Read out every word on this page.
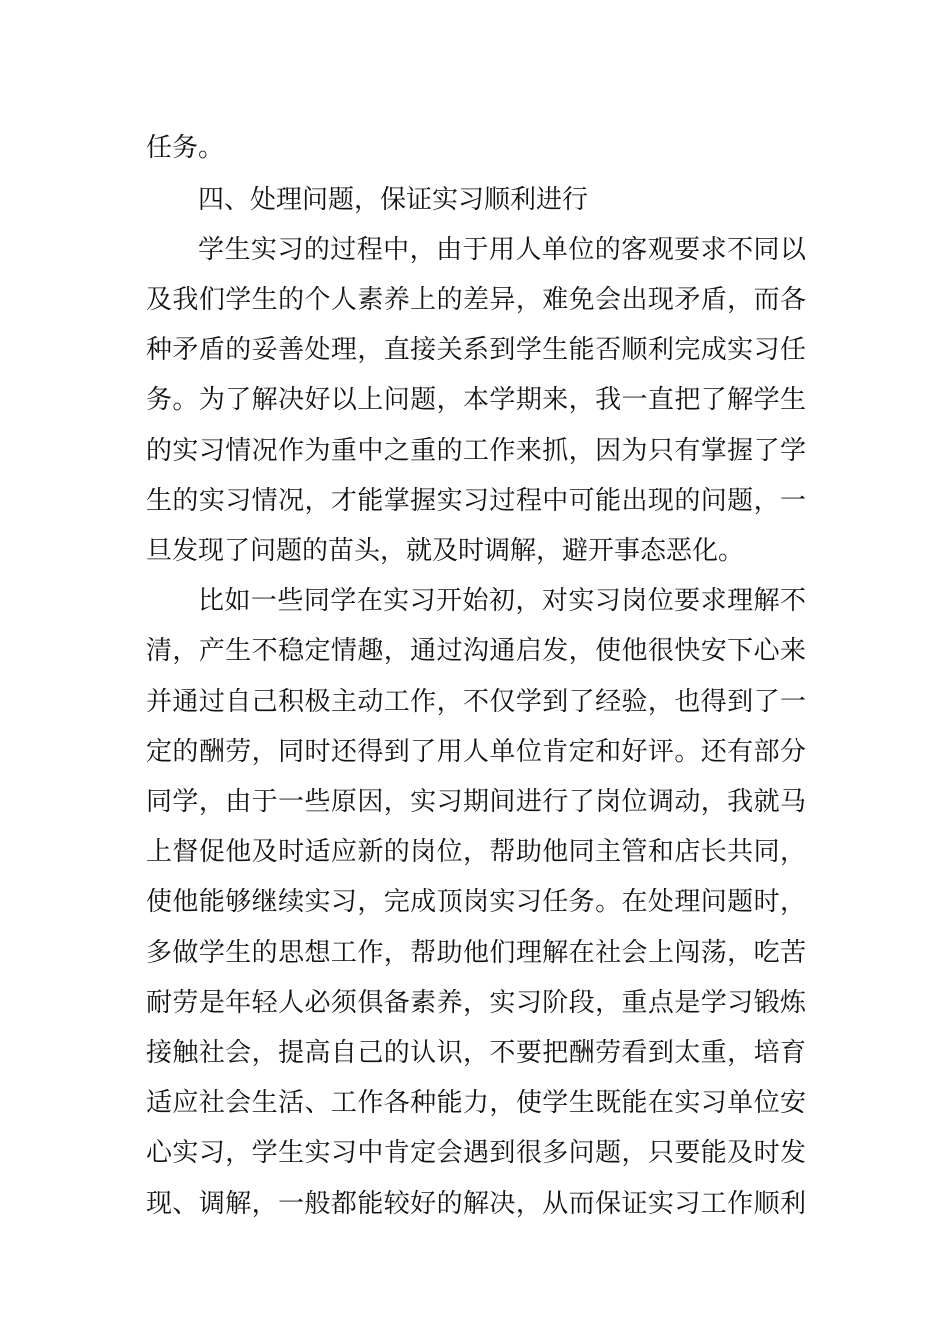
任务。
四、处理问题，保证实习顺利进行
学生实习的过程中，由于用人单位的客观要求不同以
及我们学生的个人素养上的差异，难免会出现矛盾，而各
种矛盾的妥善处理，直接关系到学生能否顺利完成实习任
务。为了解决好以上问题，本学期来，我一直把了解学生
的实习情况作为重中之重的工作来抓，因为只有掌握了学
生的实习情况，才能掌握实习过程中可能出现的问题，一
旦发现了问题的苗头，就及时调解，避开事态恶化。
比如一些同学在实习开始初，对实习岗位要求理解不
清，产生不稳定情趣，通过沟通启发，使他很快安下心来
并通过自己积极主动工作，不仅学到了经验，也得到了一
定的酬劳，同时还得到了用人单位肯定和好评。还有部分
同学，由于一些原因，实习期间进行了岗位调动，我就马
上督促他及时适应新的岗位，帮助他同主管和店长共同，
使他能够继续实习，完成顶岗实习任务。在处理问题时，
多做学生的思想工作，帮助他们理解在社会上闯荡，吃苦
耐劳是年轻人必须俱备素养，实习阶段，重点是学习锻炼
接触社会，提高自己的认识，不要把酬劳看到太重，培育
适应社会生活、工作各种能力，使学生既能在实习单位安
心实习，学生实习中肯定会遇到很多问题，只要能及时发
现、调解，一般都能较好的解决，从而保证实习工作顺利
